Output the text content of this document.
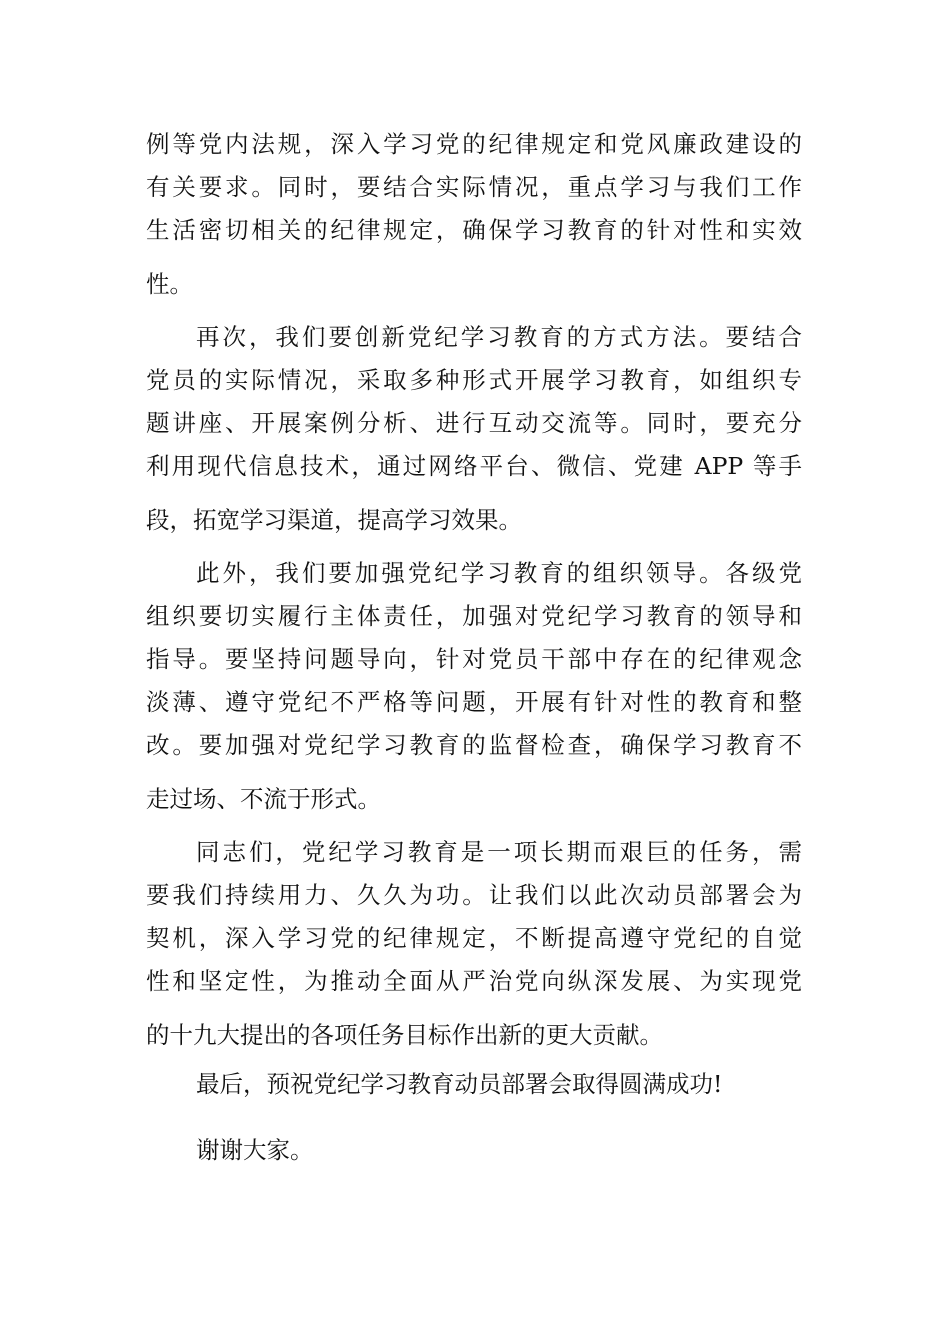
例等党内法规，深入学习党的纪律规定和党风廉政建设的
有关要求。同时，要结合实际情况，重点学习与我们工作
生活密切相关的纪律规定，确保学习教育的针对性和实效
性。
再次，我们要创新党纪学习教育的方式方法。要结合
党员的实际情况，采取多种形式开展学习教育，如组织专
题讲座、开展案例分析、进行互动交流等。同时，要充分
利用现代信息技术，通过网络平台、微信、党建 APP 等手
段，拓宽学习渠道，提高学习效果。
此外，我们要加强党纪学习教育的组织领导。各级党
组织要切实履行主体责任，加强对党纪学习教育的领导和
指导。要坚持问题导向，针对党员干部中存在的纪律观念
淡薄、遵守党纪不严格等问题，开展有针对性的教育和整
改。要加强对党纪学习教育的监督检查，确保学习教育不
走过场、不流于形式。
同志们，党纪学习教育是一项长期而艰巨的任务，需
要我们持续用力、久久为功。让我们以此次动员部署会为
契机，深入学习党的纪律规定，不断提高遵守党纪的自觉
性和坚定性，为推动全面从严治党向纵深发展、为实现党
的十九大提出的各项任务目标作出新的更大贡献。
最后，预祝党纪学习教育动员部署会取得圆满成功!
谢谢大家。
